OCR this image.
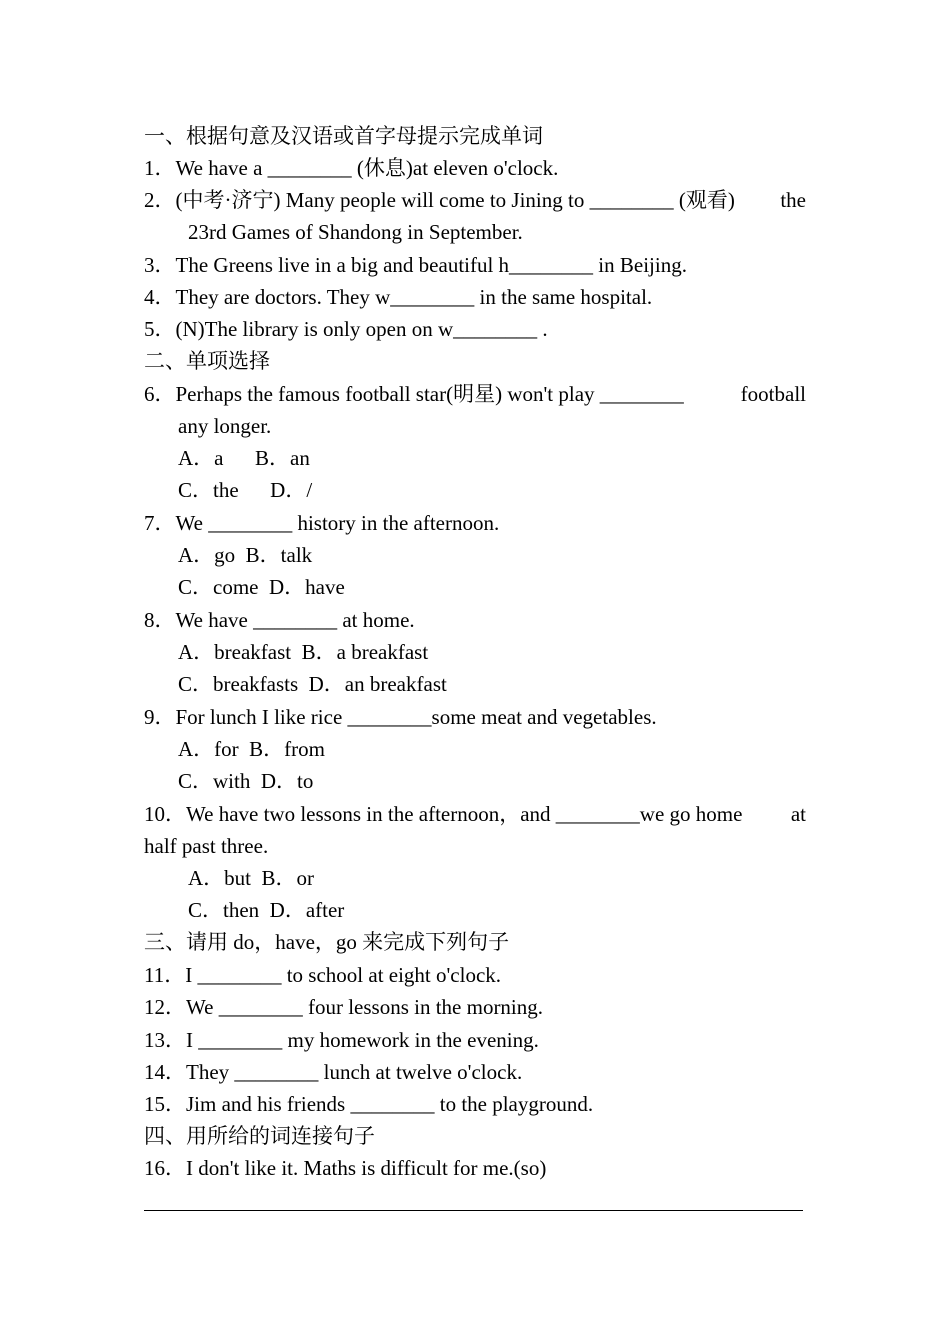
一、根据句意及汉语或首字母提示完成单词
1．We have a ________ (休息)at eleven o'clock.
2．(中考·济宁) Many people will come to Jining to ________ (观看) the
23rd Games of Shandong in September.
3．The Greens live in a big and beautiful h________ in Beijing.
4．They are doctors. They w________ in the same hospital.
5．(N)The library is only open on w________ .
二、单项选择
6．Perhaps the famous football star(明星) won't play ________	football
any longer.
A．a      B．an
C．the      D．/
7．We ________ history in the afternoon.
A．go  B．talk
C．come  D．have
8．We have ________ at home.
A．breakfast  B．a breakfast
C．breakfasts  D．an breakfast
9．For lunch I like rice ________some meat and vegetables.
A．for  B．from
C．with  D．to
10．We have two lessons in the afternoon，and ________we go home at
half past three.
A．but  B．or
C．then  D．after
三、请用 do，have，go 来完成下列句子
11．I ________ to school at eight o'clock.
12．We ________ four lessons in the morning.
13．I ________ my homework in the evening.
14．They ________ lunch at twelve o'clock.
15．Jim and his friends ________ to the playground.
四、用所给的词连接句子
16．I don't like it. Maths is difficult for me.(so)
